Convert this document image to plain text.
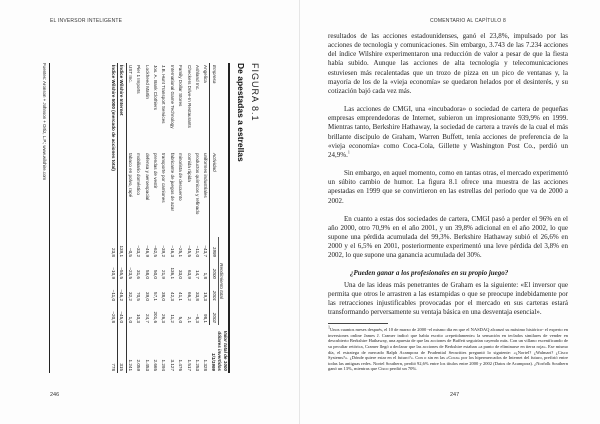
EL INVERSOR INTELIGENTE
FIGURA 8.1
De apestadas a estrellas
		Rendimiento total				Valor total de 1000 dólares invertidos 1/1/1999
Empresa	Actividad	1999	2000	2001	2002	
Angelica	uniformes industriales	–43,7	1,8	19,3	98,1	1.328
Ashland Inc.	productos químicos y refinado	–11,0	14,7	33,8	–8,3	1.253
Checkers Drive-In Restaurants	comida rápida	–45,5	63,9	66,2	2,1	1.517
Family Dollar Stores	minorista de descuento	–25,1	33,0	41,1	5,0	1.476
International Game Technology	fabricante de juegos de azar	–16,3	136,1	42,3	11,2	3.127
J.B. Hunt Transport Services	transporte por camiones	–39,2	21,9	38,0	26,3	1.294
Jos. A. Bank Clothiers	prendas de vestir	–62,5	50,0	57,1	201,6	2.665
Lockheed Martin	defensa y aeroespacial	–46,9	58,0	39,0	24,7	1.453
Pier 1 Imports	mobiliario doméstico	–33,2	31,6	70,5	10,3	2.059
UST Inc.	tabaco en polvo, rapé	–0,5	–23,5	32,2	1,0	1.241
Índice Wilshire Internet		139,1	–55,5	–46,2	–45,0	315
Índice Wilshire 5000 (mercado de acciones total)		23,8	–10,9	–11,0	–20,8	778
Fuentes: Aronson + Johnson + Ortiz, L.P.; www.wilshire.com
246
COMENTARIO AL CAPÍTULO 8
247

resultados de las acciones estadounidenses, ganó el 23,8%, impulsado por las acciones de tecnología y comunicaciones. Sin embargo, 3.743 de las 7.234 acciones del índice Wilshire experimentaron una reducción de valor a pesar de que la fiesta había subido. Aunque las acciones de alta tecnología y telecomunicaciones estuviesen más recalentadas que un trozo de pizza en un pico de ventanas y, la mayoría de los de la «vieja economía» se quedaron helados por el desinterés, y su cotización bajó cada vez más.

Las acciones de CMGI, una «incubadora» o sociedad de cartera de pequeñas empresas emprendedoras de Internet, subieron un impresionante 939,9% en 1999. Mientras tanto, Berkshire Hathaway, la sociedad de cartera a través de la cual el más brillante discípulo de Graham, Warren Buffett, tenía acciones de preferencia de la «vieja economía» como Coca-Cola, Gillette y Washington Post Co., perdió un 24,9%.$^1$

Sin embargo, en aquel momento, como en tantas otras, el mercado experimentó un súbito cambio de humor. La figura 8.1 ofrece una muestra de las acciones apestadas en 1999 que se convirtieron en las estrellas del período que va de 2000 a 2002.

En cuanto a estas dos sociedades de cartera, CMGI pasó a perder el 96% en el año 2000, otro 70,9% en el año 2001, y un 39,8% adicional en el año 2002, lo que supone una pérdida acumulada del 99,3%. Berkshire Hathaway subió el 26,6% en 2000 y el 6,5% en 2001, posteriormente experimentó una leve pérdida del 3,8% en 2002, lo que supone una ganancia acumulada del 30%.

¿Pueden ganar a los profesionales en su propio juego?

Una de las ideas más penetrantes de Graham es la siguiente: «El inversor que permita que otros le arrastren a las estampidas o que se preocupe indebidamente por las retracciones injustificables provocadas por el mercado en sus carteras estará transformando perversamente su ventaja básica en una desventaja esencial».

$^1$Unos cuantos meses después, el 10 de marzo de 2000 -el mismo día en que el NASDAQ alcanzó su máximo histórico- el experto en inversiones online James J. Cramer indicó que había escrito «repetidamente» la sensación en teclados similares de vender en descubierto Berkshire Hathaway, una apuesta de que las acciones de Buffett seguirían cayendo más. Con un villano escenificando de su peculiar retórica, Cramer llegó a declarar que las acciones de Berkshire estaban «a punto de eliminarse en tierra roja». Ese mismo día, el estratega de mercado Ralph Acampora de Prudential Securities preguntó lo siguiente: «¿Nortel? ¿Walmart? ¿Cisco Systems?». ¿Dónde quiere estar en el futuro?». Con o sin en las «Coca» por los hipermercados de Internet del futuro, prefirió entre todas las antiguas redes. Nortel Southern, perdió 92,6% entre los títulos entre 2000 y 2002 (Datos de Acampora). ¿Norfolk Southern ganó un 13%, mientras que Cisco perdió un 70%.
